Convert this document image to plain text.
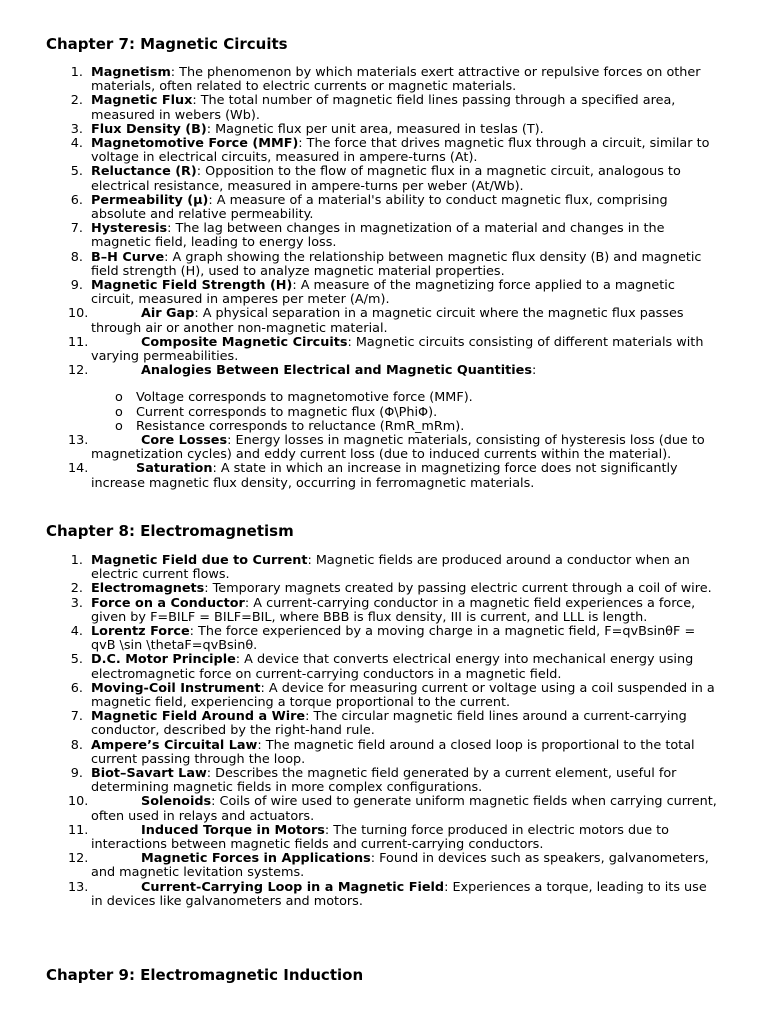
Chapter 7: Magnetic Circuits
1. Magnetism: The phenomenon by which materials exert attractive or repulsive forces on other materials, often related to electric currents or magnetic materials.
2. Magnetic Flux: The total number of magnetic field lines passing through a specified area, measured in webers (Wb).
3. Flux Density (B): Magnetic flux per unit area, measured in teslas (T).
4. Magnetomotive Force (MMF): The force that drives magnetic flux through a circuit, similar to voltage in electrical circuits, measured in ampere-turns (At).
5. Reluctance (R): Opposition to the flow of magnetic flux in a magnetic circuit, analogous to electrical resistance, measured in ampere-turns per weber (At/Wb).
6. Permeability (μ): A measure of a material's ability to conduct magnetic flux, comprising absolute and relative permeability.
7. Hysteresis: The lag between changes in magnetization of a material and changes in the magnetic field, leading to energy loss.
8. B–H Curve: A graph showing the relationship between magnetic flux density (B) and magnetic field strength (H), used to analyze magnetic material properties.
9. Magnetic Field Strength (H): A measure of the magnetizing force applied to a magnetic circuit, measured in amperes per meter (A/m).
10.	Air Gap: A physical separation in a magnetic circuit where the magnetic flux passes through air or another non-magnetic material.
11.	Composite Magnetic Circuits: Magnetic circuits consisting of different materials with varying permeabilities.
12.	Analogies Between Electrical and Magnetic Quantities:
o Voltage corresponds to magnetomotive force (MMF).
o Current corresponds to magnetic flux (Φ\PhiΦ).
o Resistance corresponds to reluctance (RmR_mRm).
13.	Core Losses: Energy losses in magnetic materials, consisting of hysteresis loss (due to magnetization cycles) and eddy current loss (due to induced currents within the material).
14.	Saturation: A state in which an increase in magnetizing force does not significantly increase magnetic flux density, occurring in ferromagnetic materials.
Chapter 8: Electromagnetism
1. Magnetic Field due to Current: Magnetic fields are produced around a conductor when an electric current flows.
2. Electromagnets: Temporary magnets created by passing electric current through a coil of wire.
3. Force on a Conductor: A current-carrying conductor in a magnetic field experiences a force, given by F=BILF = BILF=BIL, where BBB is flux density, III is current, and LLL is length.
4. Lorentz Force: The force experienced by a moving charge in a magnetic field, F=qvBsinθF = qvB \sin \thetaF=qvBsinθ.
5. D.C. Motor Principle: A device that converts electrical energy into mechanical energy using electromagnetic force on current-carrying conductors in a magnetic field.
6. Moving-Coil Instrument: A device for measuring current or voltage using a coil suspended in a magnetic field, experiencing a torque proportional to the current.
7. Magnetic Field Around a Wire: The circular magnetic field lines around a current-carrying conductor, described by the right-hand rule.
8. Ampere’s Circuital Law: The magnetic field around a closed loop is proportional to the total current passing through the loop.
9. Biot–Savart Law: Describes the magnetic field generated by a current element, useful for determining magnetic fields in more complex configurations.
10.	Solenoids: Coils of wire used to generate uniform magnetic fields when carrying current, often used in relays and actuators.
11.	Induced Torque in Motors: The turning force produced in electric motors due to interactions between magnetic fields and current-carrying conductors.
12.	Magnetic Forces in Applications: Found in devices such as speakers, galvanometers, and magnetic levitation systems.
13.	Current-Carrying Loop in a Magnetic Field: Experiences a torque, leading to its use in devices like galvanometers and motors.
Chapter 9: Electromagnetic Induction
